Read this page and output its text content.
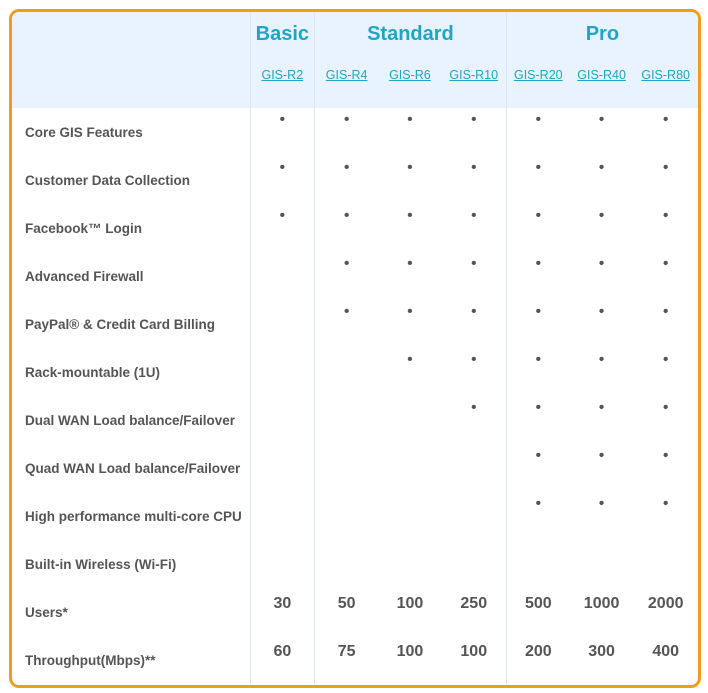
	Basic	Standard			Pro		
	GIS-R2	GIS-R4	GIS-R6	GIS-R10	GIS-R20	GIS-R40	GIS-R80
Core GIS Features	•	•	•	•	•	•	•
Customer Data Collection	•	•	•	•	•	•	•
Facebook™ Login	•	•	•	•	•	•	•
Advanced Firewall		•	•	•	•	•	•
PayPal® & Credit Card Billing		•	•	•	•	•	•
Rack-mountable (1U)			•	•	•	•	•
Dual WAN Load balance/Failover				•	•	•	•
Quad WAN Load balance/Failover					•	•	•
High performance multi-core CPU					•	•	•
Built-in Wireless (Wi-Fi)							
Users*	30	50	100	250	500	1000	2000
Throughput(Mbps)**	60	75	100	100	200	300	400
